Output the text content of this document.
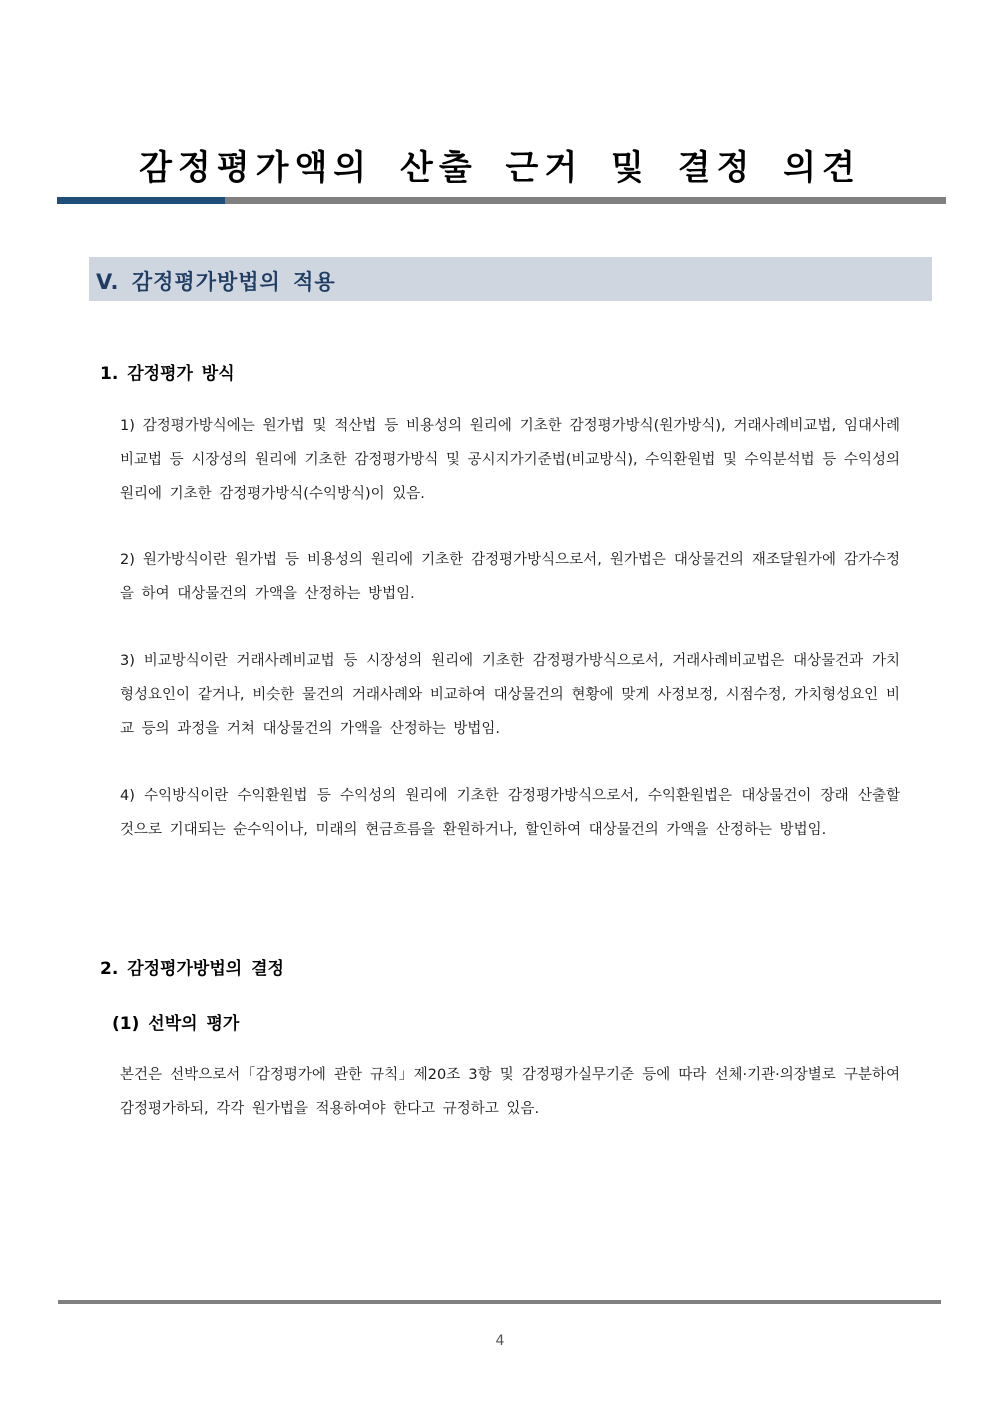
감정평가액의 산출 근거 및 결정 의견
V. 감정평가방법의 적용
1. 감정평가 방식
1) 감정평가방식에는 원가법 및 적산법 등 비용성의 원리에 기초한 감정평가방식(원가방식), 거래사례비교법, 임대사례비교법 등 시장성의 원리에 기초한 감정평가방식 및 공시지가기준법(비교방식), 수익환원법 및 수익분석법 등 수익성의 원리에 기초한 감정평가방식(수익방식)이 있음.
2) 원가방식이란 원가법 등 비용성의 원리에 기초한 감정평가방식으로서, 원가법은 대상물건의 재조달원가에 감가수정을 하여 대상물건의 가액을 산정하는 방법임.
3) 비교방식이란 거래사례비교법 등 시장성의 원리에 기초한 감정평가방식으로서, 거래사례비교법은 대상물건과 가치형성요인이 같거나, 비슷한 물건의 거래사례와 비교하여 대상물건의 현황에 맞게 사정보정, 시점수정, 가치형성요인 비교 등의 과정을 거쳐 대상물건의 가액을 산정하는 방법임.
4) 수익방식이란 수익환원법 등 수익성의 원리에 기초한 감정평가방식으로서, 수익환원법은 대상물건이 장래 산출할 것으로 기대되는 순수익이나, 미래의 현금흐름을 환원하거나, 할인하여 대상물건의 가액을 산정하는 방법임.
2. 감정평가방법의 결정
(1) 선박의 평가
본건은 선박으로서「감정평가에 관한 규칙」제20조 3항 및 감정평가실무기준 등에 따라 선체·기관·의장별로 구분하여 감정평가하되, 각각 원가법을 적용하여야 한다고 규정하고 있음.
4
